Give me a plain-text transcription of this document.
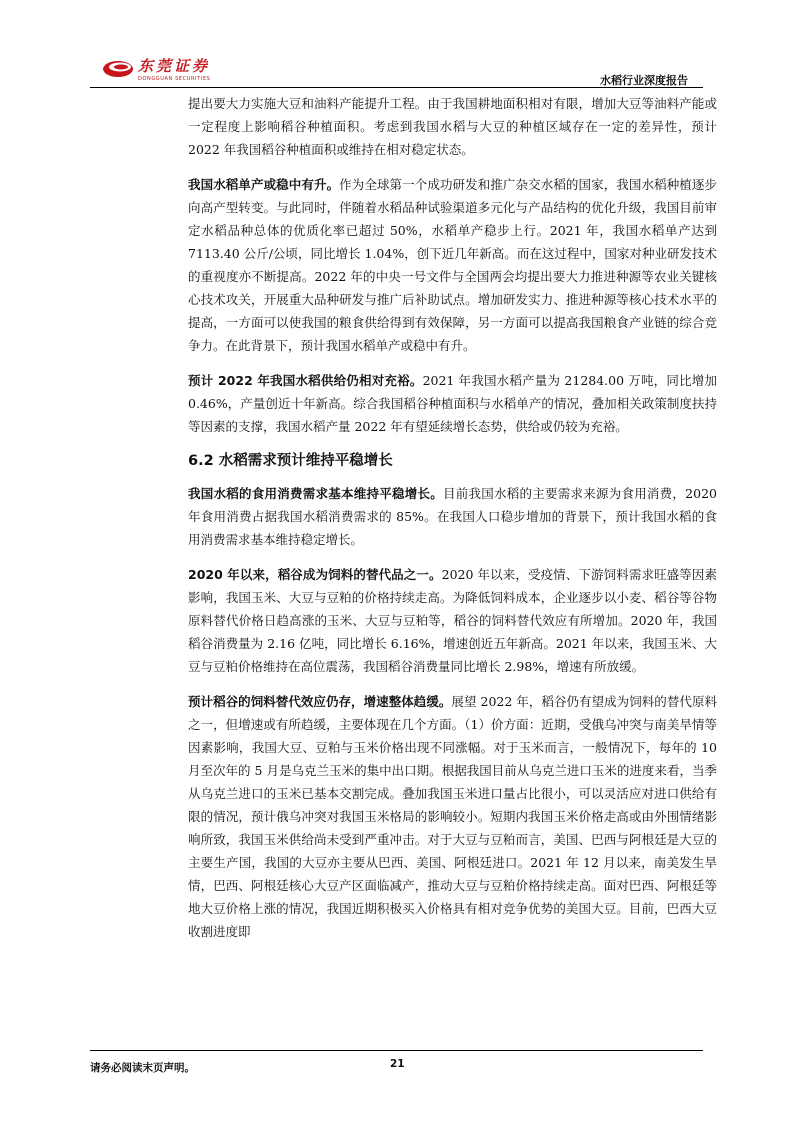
东莞证券
DONGGUAN SECURITIES	水稻行业深度报告

提出要大力实施大豆和油料产能提升工程。由于我国耕地面积相对有限，增加大豆等油料产能或一定程度上影响稻谷种植面积。考虑到我国水稻与大豆的种植区域存在一定的差异性，预计 2022 年我国稻谷种植面积或维持在相对稳定状态。

我国水稻单产或稳中有升。作为全球第一个成功研发和推广杂交水稻的国家，我国水稻种植逐步向高产型转变。与此同时，伴随着水稻品种试验渠道多元化与产品结构的优化升级，我国目前审定水稻品种总体的优质化率已超过 50%，水稻单产稳步上行。2021 年，我国水稻单产达到 7113.40 公斤/公顷，同比增长 1.04%，创下近几年新高。而在这过程中，国家对种业研发技术的重视度亦不断提高。2022 年的中央一号文件与全国两会均提出要大力推进种源等农业关键核心技术攻关，开展重大品种研发与推广后补助试点。增加研发实力、推进种源等核心技术水平的提高，一方面可以使我国的粮食供给得到有效保障，另一方面可以提高我国粮食产业链的综合竞争力。在此背景下，预计我国水稻单产或稳中有升。

预计 2022 年我国水稻供给仍相对充裕。2021 年我国水稻产量为 21284.00 万吨，同比增加 0.46%，产量创近十年新高。综合我国稻谷种植面积与水稻单产的情况，叠加相关政策制度扶持等因素的支撑，我国水稻产量 2022 年有望延续增长态势，供给或仍较为充裕。

6.2 水稻需求预计维持平稳增长

我国水稻的食用消费需求基本维持平稳增长。目前我国水稻的主要需求来源为食用消费，2020 年食用消费占据我国水稻消费需求的 85%。在我国人口稳步增加的背景下，预计我国水稻的食用消费需求基本维持稳定增长。

2020 年以来，稻谷成为饲料的替代品之一。2020 年以来，受疫情、下游饲料需求旺盛等因素影响，我国玉米、大豆与豆粕的价格持续走高。为降低饲料成本，企业逐步以小麦、稻谷等谷物原料替代价格日趋高涨的玉米、大豆与豆粕等，稻谷的饲料替代效应有所增加。2020 年，我国稻谷消费量为 2.16 亿吨，同比增长 6.16%，增速创近五年新高。2021 年以来，我国玉米、大豆与豆粕价格维持在高位震荡，我国稻谷消费量同比增长 2.98%，增速有所放缓。

预计稻谷的饲料替代效应仍存，增速整体趋缓。展望 2022 年，稻谷仍有望成为饲料的替代原料之一，但增速或有所趋缓，主要体现在几个方面。（1）价方面：近期，受俄乌冲突与南美旱情等因素影响，我国大豆、豆粕与玉米价格出现不同涨幅。对于玉米而言，一般情况下，每年的 10 月至次年的 5 月是乌克兰玉米的集中出口期。根据我国目前从乌克兰进口玉米的进度来看，当季从乌克兰进口的玉米已基本交割完成。叠加我国玉米进口量占比很小，可以灵活应对进口供给有限的情况，预计俄乌冲突对我国玉米格局的影响较小。短期内我国玉米价格走高或由外围情绪影响所致，我国玉米供给尚未受到严重冲击。对于大豆与豆粕而言，美国、巴西与阿根廷是大豆的主要生产国，我国的大豆亦主要从巴西、美国、阿根廷进口。2021 年 12 月以来，南美发生旱情，巴西、阿根廷核心大豆产区面临减产，推动大豆与豆粕价格持续走高。面对巴西、阿根廷等地大豆价格上涨的情况，我国近期积极买入价格具有相对竞争优势的美国大豆。目前，巴西大豆收割进度即

请务必阅读末页声明。	21
